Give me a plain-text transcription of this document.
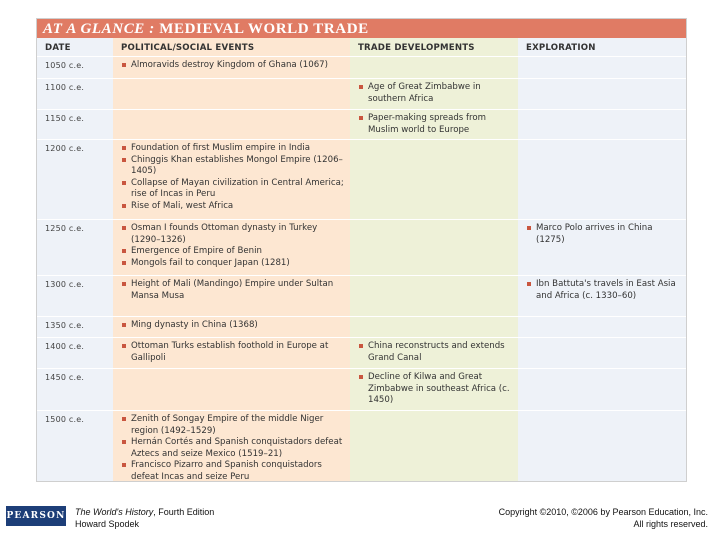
AT A GLANCE : MEDIEVAL WORLD TRADE
DATE	POLITICAL/SOCIAL EVENTS	TRADE DEVELOPMENTS	EXPLORATION
1050 c.e.	Almoravids destroy Kingdom of Ghana (1067)		

1100 c.e.		Age of Great Zimbabwe in southern Africa	

1150 c.e.		Paper-making spreads from Muslim world to Europe	

1200 c.e.	Foundation of first Muslim empire in India
Chinggis Khan establishes Mongol Empire (1206–1405)
Collapse of Mayan civilization in Central America; rise of Incas in Peru
Rise of Mali, west Africa		

1250 c.e.	Osman I founds Ottoman dynasty in Turkey (1290–1326)
Emergence of Empire of Benin
Mongols fail to conquer Japan (1281)		Marco Polo arrives in China (1275)

1300 c.e.	Height of Mali (Mandingo) Empire under Sultan Mansa Musa		Ibn Battuta's travels in East Asia and Africa (c. 1330–60)

1350 c.e.	Ming dynasty in China (1368)		

1400 c.e.	Ottoman Turks establish foothold in Europe at Gallipoli	China reconstructs and extends Grand Canal	

1450 c.e.		Decline of Kilwa and Great Zimbabwe in southeast Africa (c. 1450)	

1500 c.e.	Zenith of Songay Empire of the middle Niger region (1492–1529)
Hernán Cortés and Spanish conquistadors defeat Aztecs and seize Mexico (1519–21)
Francisco Pizarro and Spanish conquistadors defeat Incas and seize Peru		

PEARSON The World's History, Fourth Edition
Howard Spodek
Copyright ©2010, ©2006 by Pearson Education, Inc.
All rights reserved.
